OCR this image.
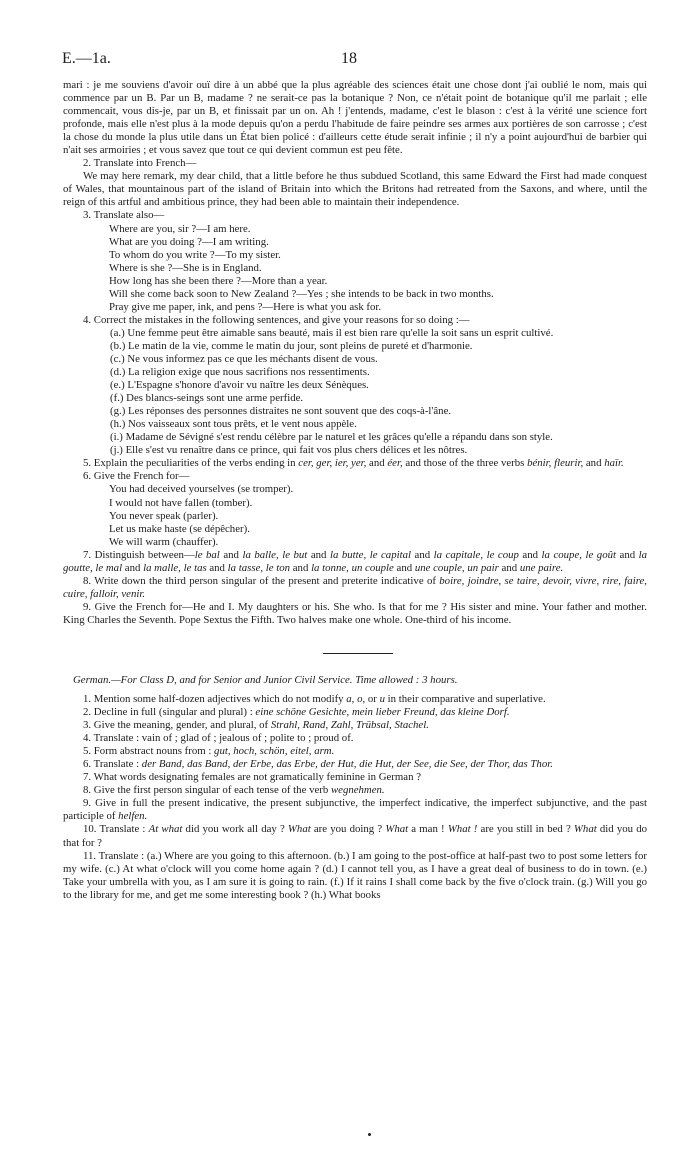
E.—1a.	18

mari : je me souviens d'avoir ouï dire à un abbé que la plus agréable des sciences était une chose dont j'ai oublié le nom, mais qui commence par un B. Par un B, madame ? ne serait-ce pas la botanique ? Non, ce n'était point de botanique qu'il me parlait ; elle commencait, vous dis-je, par un B, et finissait par un on. Ah ! j'entends, madame, c'est le blason : c'est à la vérité une science fort profonde, mais elle n'est plus à la mode depuis qu'on a perdu l'habitude de faire peindre ses armes aux portières de son carrosse ; c'est la chose du monde la plus utile dans un État bien policé : d'ailleurs cette étude serait infinie ; il n'y a point aujourd'hui de barbier qui n'ait ses armoiries ; et vous savez que tout ce qui devient commun est peu fête.

2. Translate into French—

We may here remark, my dear child, that a little before he thus subdued Scotland, this same Edward the First had made conquest of Wales, that mountainous part of the island of Britain into which the Britons had retreated from the Saxons, and where, until the reign of this artful and ambitious prince, they had been able to maintain their independence.

3. Translate also—

Where are you, sir ?—I am here.

What are you doing ?—I am writing.

To whom do you write ?—To my sister.

Where is she ?—She is in England.

How long has she been there ?—More than a year.

Will she come back soon to New Zealand ?—Yes ; she intends to be back in two months.

Pray give me paper, ink, and pens ?—Here is what you ask for.

4. Correct the mistakes in the following sentences, and give your reasons for so doing :—

(a.) Une femme peut être aimable sans beauté, mais il est bien rare qu'elle la soit sans un esprit cultivé.

(b.) Le matin de la vie, comme le matin du jour, sont pleins de pureté et d'harmonie.

(c.) Ne vous informez pas ce que les méchants disent de vous.

(d.) La religion exige que nous sacrifions nos ressentiments.

(e.) L'Espagne s'honore d'avoir vu naître les deux Sénèques.

(f.) Des blancs-seings sont une arme perfide.

(g.) Les réponses des personnes distraites ne sont souvent que des coqs-à-l'âne.

(h.) Nos vaisseaux sont tous prêts, et le vent nous appèle.

(i.) Madame de Sévigné s'est rendu célèbre par le naturel et les grâces qu'elle a répandu dans son style.

(j.) Elle s'est vu renaître dans ce prince, qui fait vos plus chers délices et les nôtres.

5. Explain the peculiarities of the verbs ending in cer, ger, ier, yer, and éer, and those of the three verbs bénir, fleurir, and haïr.

6. Give the French for—

You had deceived yourselves (se tromper).

I would not have fallen (tomber).

You never speak (parler).

Let us make haste (se dépêcher).

We will warm (chauffer).

7. Distinguish between—le bal and la balle, le but and la butte, le capital and la capitale, le coup and la coupe, le goût and la goutte, le mal and la malle, le tas and la tasse, le ton and la tonne, un couple and une couple, un pair and une paire.

8. Write down the third person singular of the present and preterite indicative of boire, joindre, se taire, devoir, vivre, rire, faire, cuire, falloir, venir.

9. Give the French for—He and I. My daughters or his. She who. Is that for me ? His sister and mine. Your father and mother. King Charles the Seventh. Pope Sextus the Fifth. Two halves make one whole. One-third of his income.

German.—For Class D, and for Senior and Junior Civil Service. Time allowed : 3 hours.

1. Mention some half-dozen adjectives which do not modify a, o, or u in their comparative and superlative.

2. Decline in full (singular and plural) : eine schöne Gesichte, mein lieber Freund, das kleine Dorf.

3. Give the meaning, gender, and plural, of Strahl, Rand, Zahl, Trübsal, Stachel.

4. Translate : vain of ; glad of ; jealous of ; polite to ; proud of.

5. Form abstract nouns from : gut, hoch, schön, eitel, arm.

6. Translate : der Band, das Band, der Erbe, das Erbe, der Hut, die Hut, der See, die See, der Thor, das Thor.

7. What words designating females are not gramatically feminine in German ?

8. Give the first person singular of each tense of the verb wegnehmen.

9. Give in full the present indicative, the present subjunctive, the imperfect indicative, the imperfect subjunctive, and the past participle of helfen.

10. Translate : At what did you work all day ? What are you doing ? What a man ! What ! are you still in bed ? What did you do that for ?

11. Translate : (a.) Where are you going to this afternoon. (b.) I am going to the post-office at half-past two to post some letters for my wife. (c.) At what o'clock will you come home again ? (d.) I cannot tell you, as I have a great deal of business to do in town. (e.) Take your umbrella with you, as I am sure it is going to rain. (f.) If it rains I shall come back by the five o'clock train. (g.) Will you go to the library for me, and get me some interesting book ? (h.) What books
